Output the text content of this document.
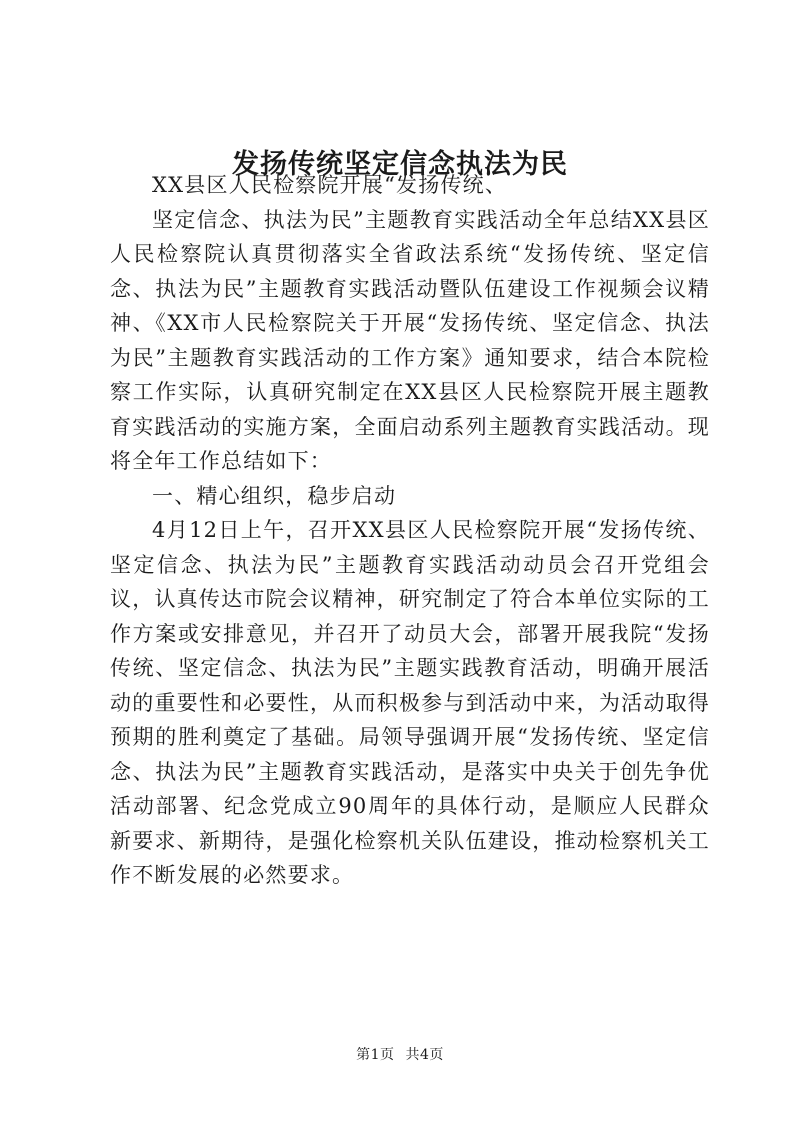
发扬传统坚定信念执法为民

XX县区人民检察院开展“发扬传统、

坚定信念、执法为民”主题教育实践活动全年总结XX县区人民检察院认真贯彻落实全省政法系统“发扬传统、坚定信念、执法为民”主题教育实践活动暨队伍建设工作视频会议精神、《XX市人民检察院关于开展“发扬传统、坚定信念、执法为民”主题教育实践活动的工作方案》通知要求，结合本院检察工作实际，认真研究制定在XX县区人民检察院开展主题教育实践活动的实施方案，全面启动系列主题教育实践活动。现将全年工作总结如下：

一、精心组织，稳步启动

4月12日上午，召开XX县区人民检察院开展“发扬传统、坚定信念、执法为民”主题教育实践活动动员会召开党组会议，认真传达市院会议精神，研究制定了符合本单位实际的工作方案或安排意见，并召开了动员大会，部署开展我院“发扬传统、坚定信念、执法为民”主题实践教育活动，明确开展活动的重要性和必要性，从而积极参与到活动中来，为活动取得预期的胜利奠定了基础。局领导强调开展“发扬传统、坚定信念、执法为民”主题教育实践活动，是落实中央关于创先争优活动部署、纪念党成立90周年的具体行动，是顺应人民群众新要求、新期待，是强化检察机关队伍建设，推动检察机关工作不断发展的必然要求。

第1页 共4页
